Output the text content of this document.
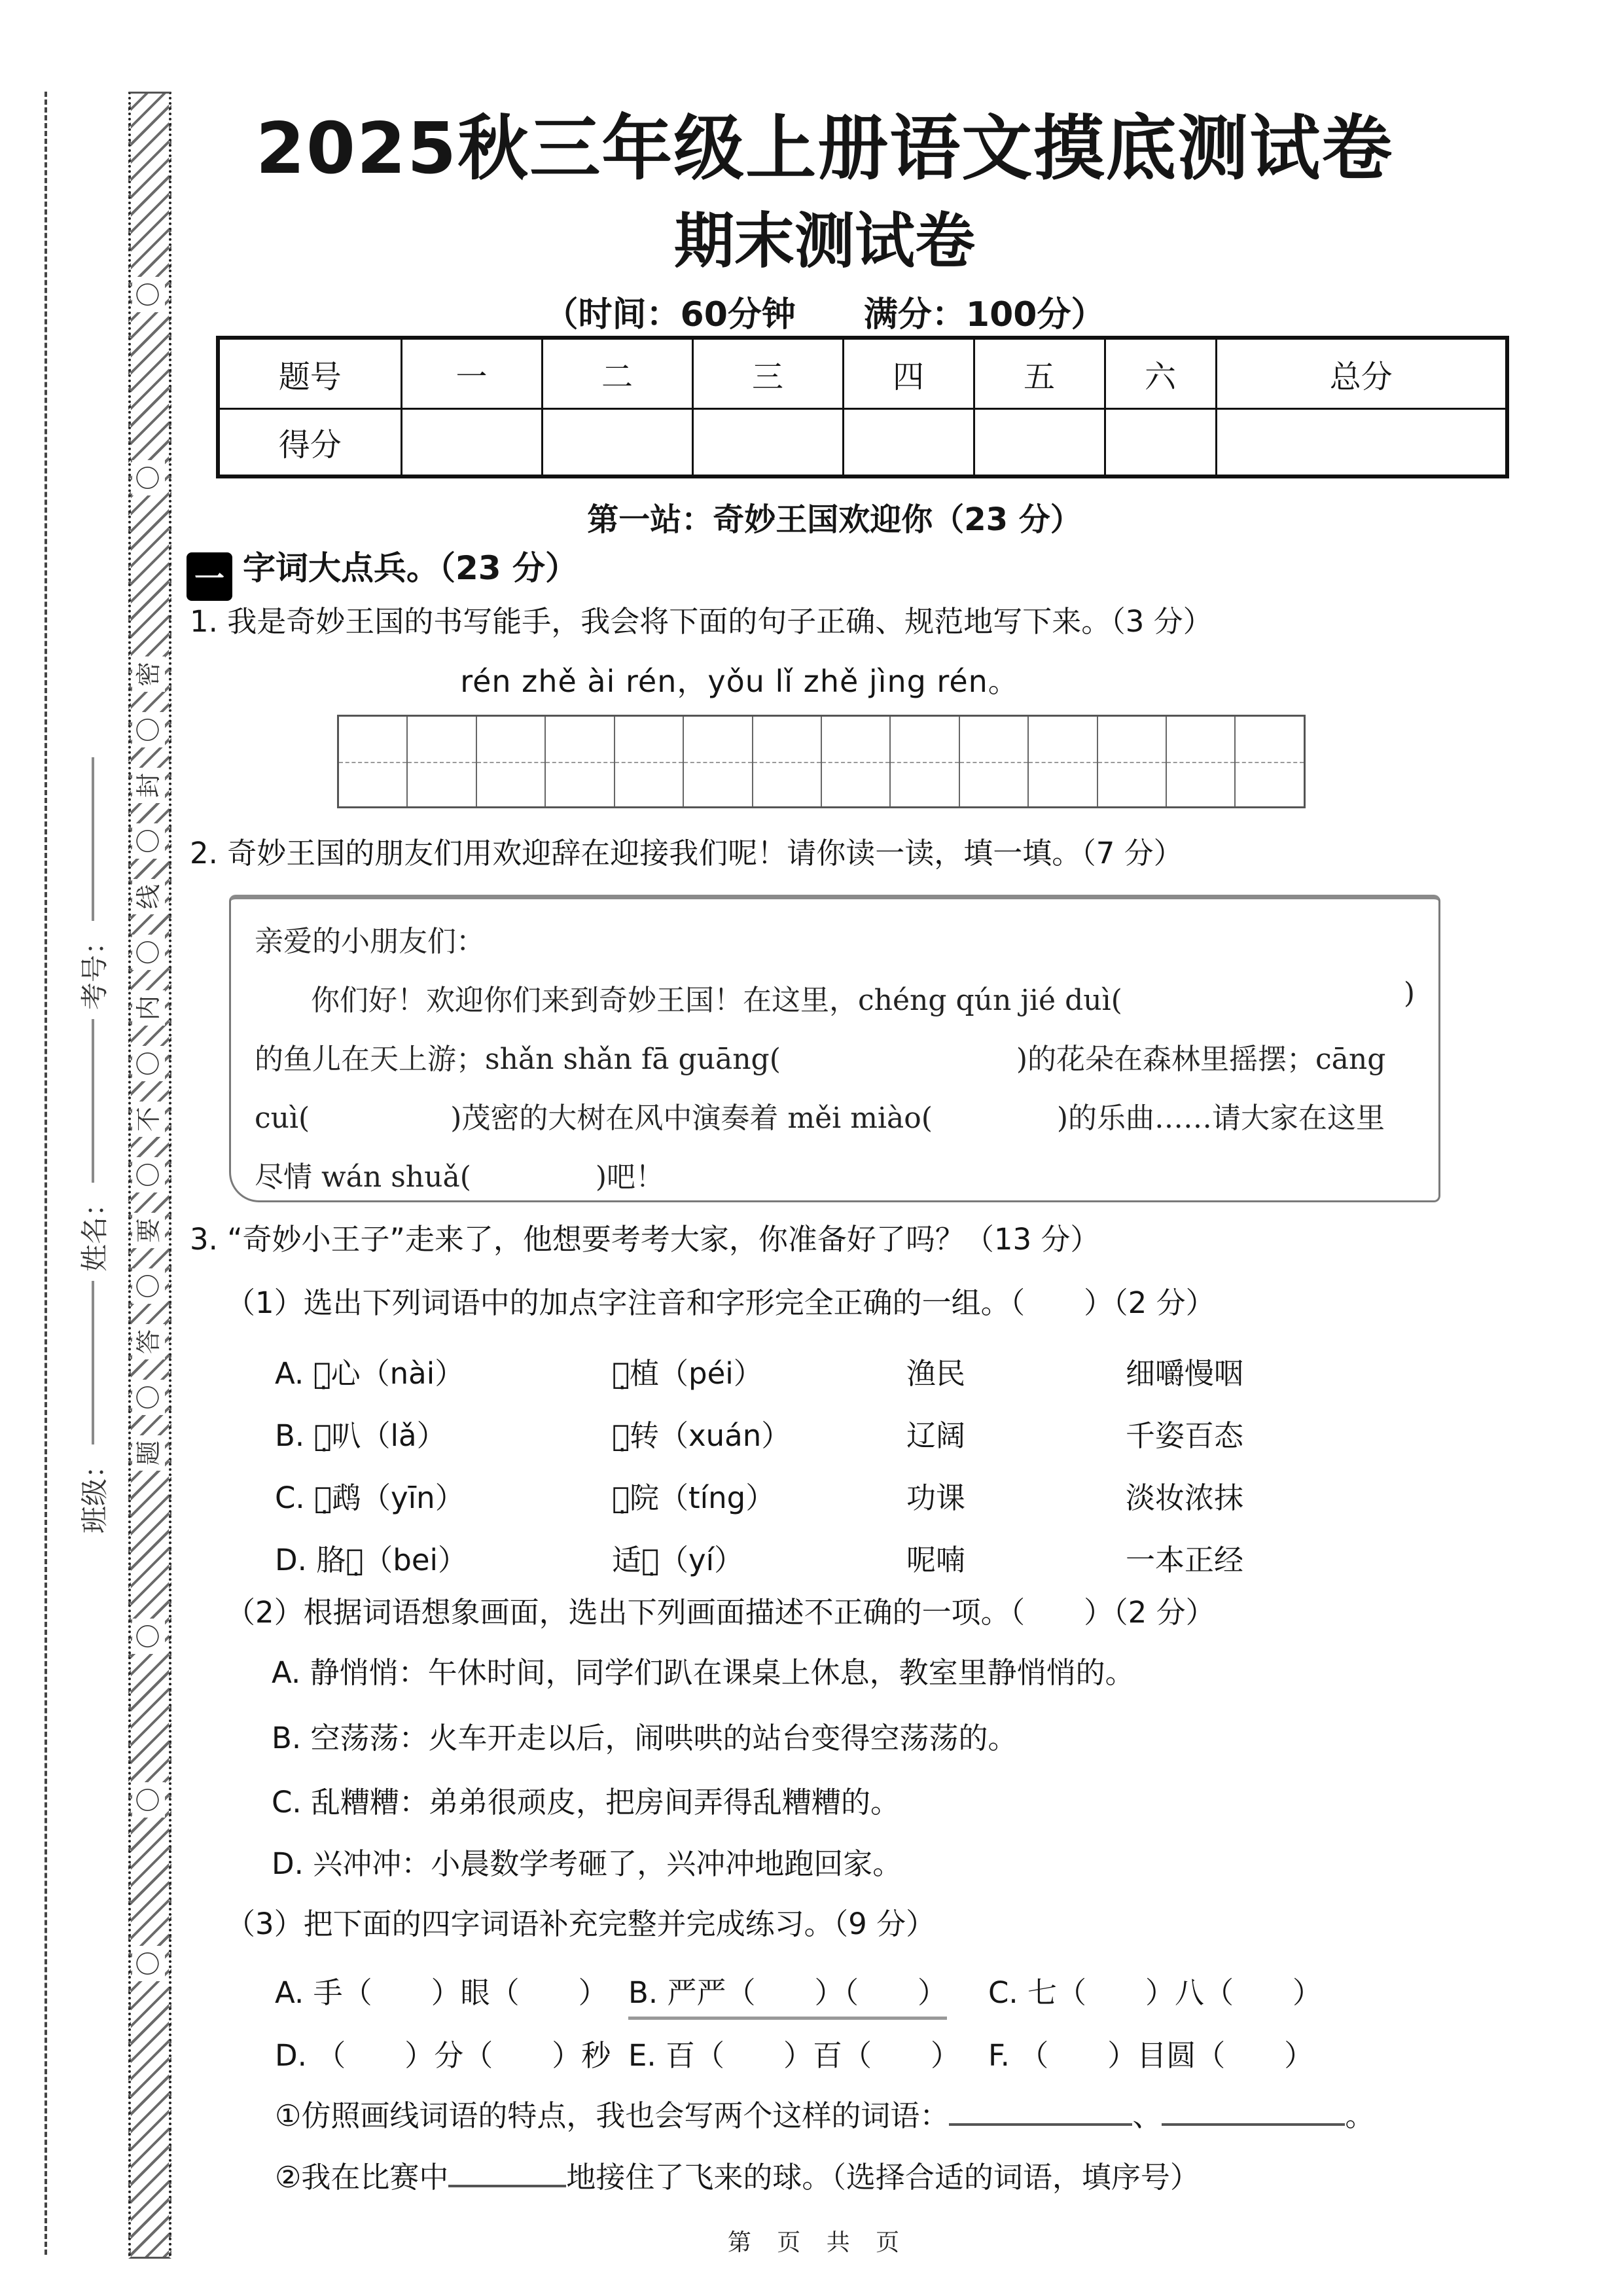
考号：
姓名：
班级：
〇
〇
密
〇
封
〇
线
〇
内
〇
不
〇
要
〇
答
〇
题
〇
〇
〇
2025秋三年级上册语文摸底测试卷
期末测试卷
（时间：60分钟　　满分：100分）
题号	一	二	三	四	五	六	总分
得分							
第一站：奇妙王国欢迎你（23 分）
一 字词大点兵。（23 分）
1. 我是奇妙王国的书写能手，我会将下面的句子正确、规范地写下来。（3 分）
rén zhě ài rén，yǒu lǐ zhě jìng rén。
2. 奇妙王国的朋友们用欢迎辞在迎接我们呢！请你读一读，填一填。（7 分）
亲爱的小朋友们：
你们好！欢迎你们来到奇妙王国！在这里，chéng qún jié duì(	)
的鱼儿在天上游；shǎn shǎn fā guāng(	)的花朵在森林里摇摆；cāng
cuì(	)茂密的大树在风中演奏着 měi miào(	)的乐曲……请大家在这里
尽情 wán shuǎ(	)吧！
3. “奇妙小王子”走来了，他想要考考大家，你准备好了吗？（13 分）
（1）选出下列词语中的加点字注音和字形完全正确的一组。（　　）（2 分）
A. 耐̣心（nài）	培̣植（péi）	渔民	细嚼慢咽
B. 喇̣叭（lǎ）	旋̣转（xuán）	辽阔	千姿百态
C. 鹦̣鹉（yīn）	庭̣院（tíng）	功课	淡妆浓抹
D. 胳臂̣（bei）	适宜̣（yí）	呢喃	一本正经
（2）根据词语想象画面，选出下列画面描述不正确的一项。（　　）（2 分）
A. 静悄悄：午休时间，同学们趴在课桌上休息，教室里静悄悄的。
B. 空荡荡：火车开走以后，闹哄哄的站台变得空荡荡的。
C. 乱糟糟：弟弟很顽皮，把房间弄得乱糟糟的。
D. 兴冲冲：小晨数学考砸了，兴冲冲地跑回家。
（3）把下面的四字词语补充完整并完成练习。（9 分）
A. 手（　　）眼（　　） B. 严严（　　）（　　） C. 七（　　）八（　　）
D. （　　）分（　　）秒 E. 百（　　）百（　　） F. （　　）目圆（　　）
①仿照画线词语的特点，我也会写两个这样的词语：	、	。
②我在比赛中	地接住了飞来的球。（选择合适的词语，填序号）
第 页 共 页
